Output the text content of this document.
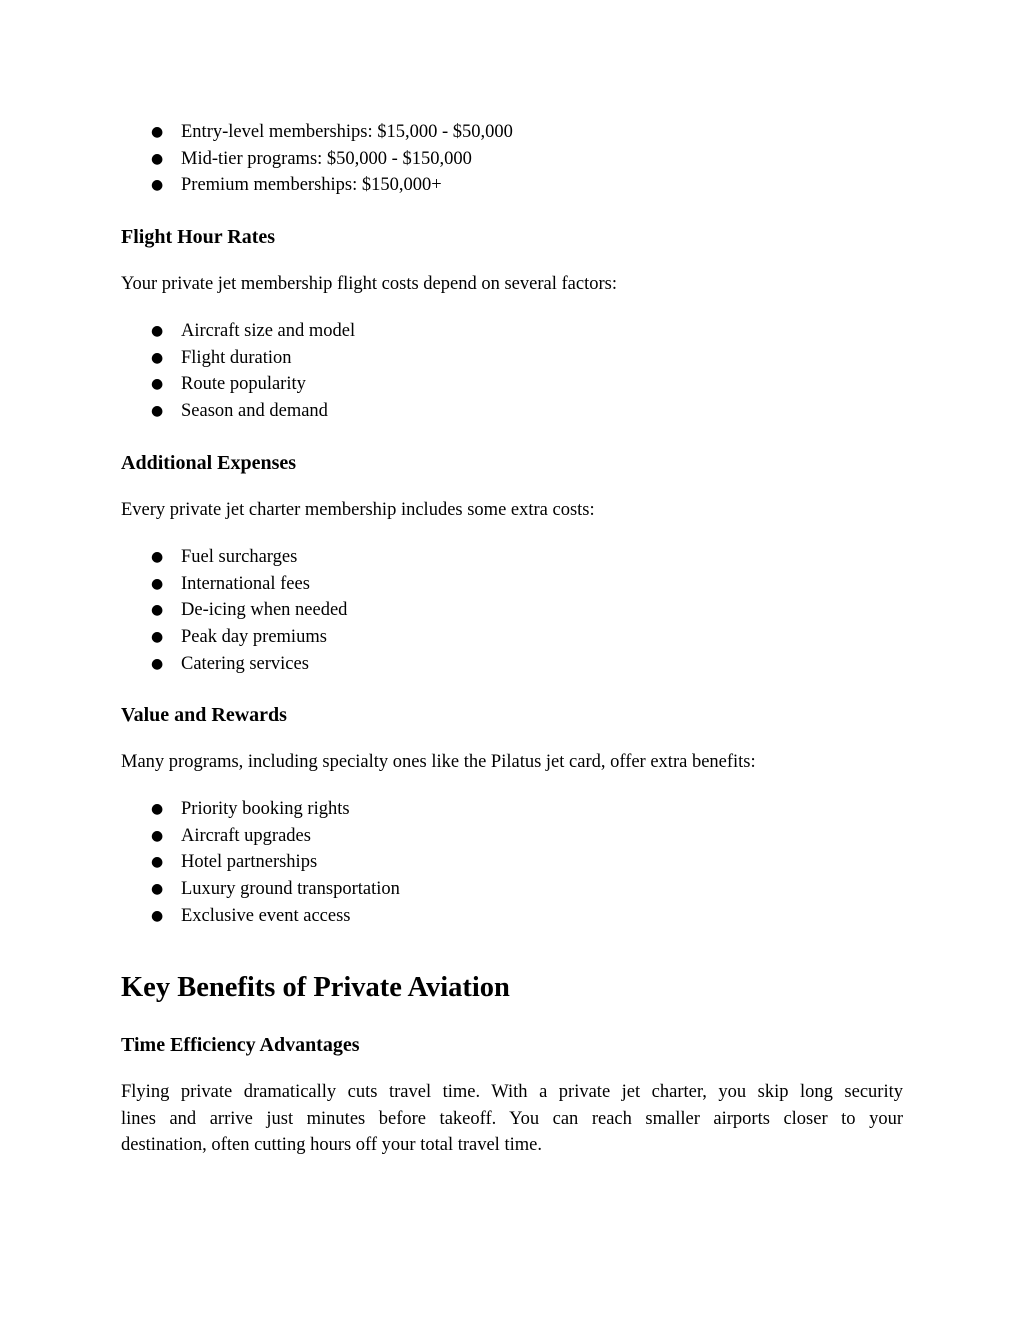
● Entry-level memberships: $15,000 - $50,000
● Mid-tier programs: $50,000 - $150,000
● Premium memberships: $150,000+
Flight Hour Rates
Your private jet membership flight costs depend on several factors:
● Aircraft size and model
● Flight duration
● Route popularity
● Season and demand
Additional Expenses
Every private jet charter membership includes some extra costs:
● Fuel surcharges
● International fees
● De-icing when needed
● Peak day premiums
● Catering services
Value and Rewards
Many programs, including specialty ones like the Pilatus jet card, offer extra benefits:
● Priority booking rights
● Aircraft upgrades
● Hotel partnerships
● Luxury ground transportation
● Exclusive event access
Key Benefits of Private Aviation
Time Efficiency Advantages
Flying private dramatically cuts travel time. With a private jet charter, you skip long security
lines and arrive just minutes before takeoff. You can reach smaller airports closer to your
destination, often cutting hours off your total travel time.
